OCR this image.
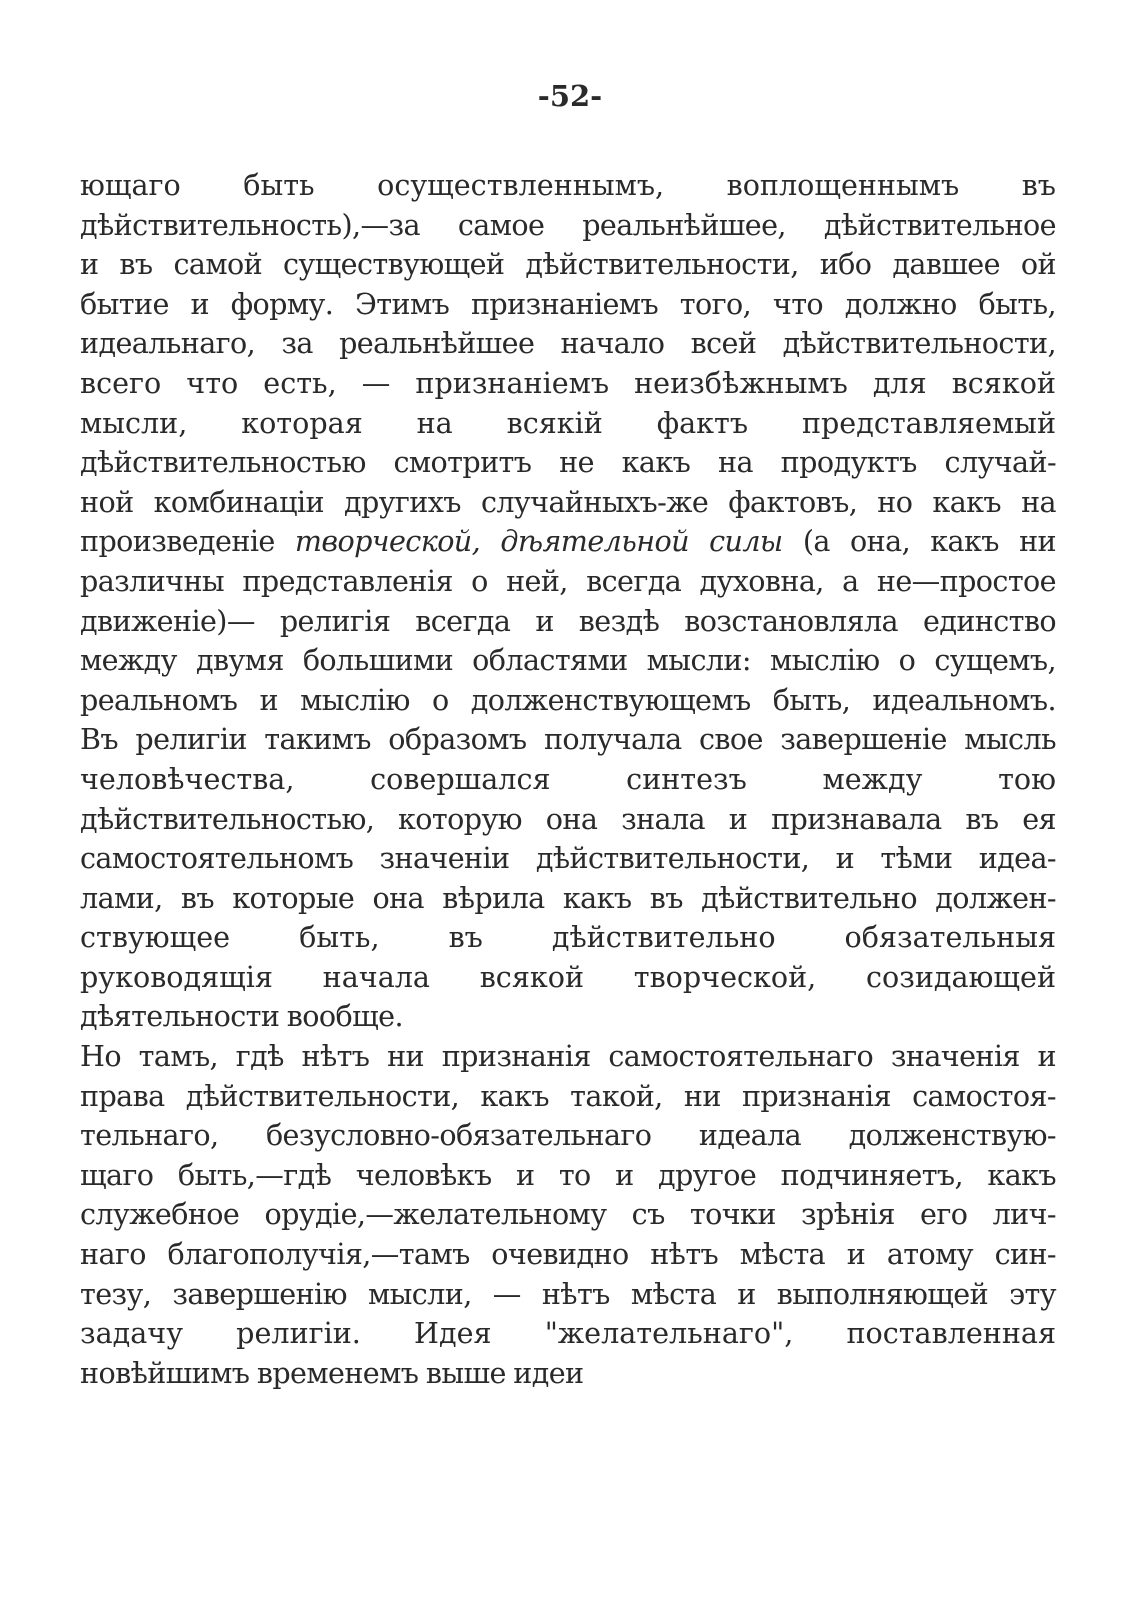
-52-
ющаго быть осуществленнымъ, воплощеннымъ въ
дѣйствительность),—за самое реальнѣйшее, дѣйствительное
и въ самой существующей дѣйствительности, ибо давшее ой
бытие и форму. Этимъ признаніемъ того, что должно быть,
идеальнаго, за реальнѣйшее начало всей дѣйствительности,
всего что есть, — признаніемъ неизбѣжнымъ для всякой
мысли, которая на всякій фактъ представляемый
дѣйствительностью смотритъ не какъ на продуктъ случай-
ной комбинаціи другихъ случайныхъ-же фактовъ, но какъ на
произведеніе творческой, дѣятельной силы (а она, какъ ни
различны представленія о ней, всегда духовна, а не—простое
движеніе)— религія всегда и вездѣ возстановляла единство
между двумя большими областями мысли: мыслію о сущемъ,
реальномъ и мыслію о долженствующемъ быть, идеальномъ.
Въ религіи такимъ образомъ получала свое завершеніе мысль
человѣчества, совершался синтезъ между тою
дѣйствительностью, которую она знала и признавала въ ея
самостоятельномъ значеніи дѣйствительности, и тѣми идеа-
лами, въ которые она вѣрила какъ въ дѣйствительно должен-
ствующее быть, въ дѣйствительно обязательныя
руководящія начала всякой творческой, созидающей
дѣятельности вообще.
Но тамъ, гдѣ нѣтъ ни признанія самостоятельнаго значенія и
права дѣйствительности, какъ такой, ни признанія самостоя-
тельнаго, безусловно-обязательнаго идеала долженствую-
щаго быть,—гдѣ человѣкъ и то и другое подчиняетъ, какъ
служебное орудіе,—желательному съ точки зрѣнія его лич-
наго благополучія,—тамъ очевидно нѣтъ мѣста и атому син-
тезу, завершенію мысли, — нѣтъ мѣста и выполняющей эту
задачу религіи. Идея "желательнаго", поставленная
новѣйшимъ временемъ выше идеи
